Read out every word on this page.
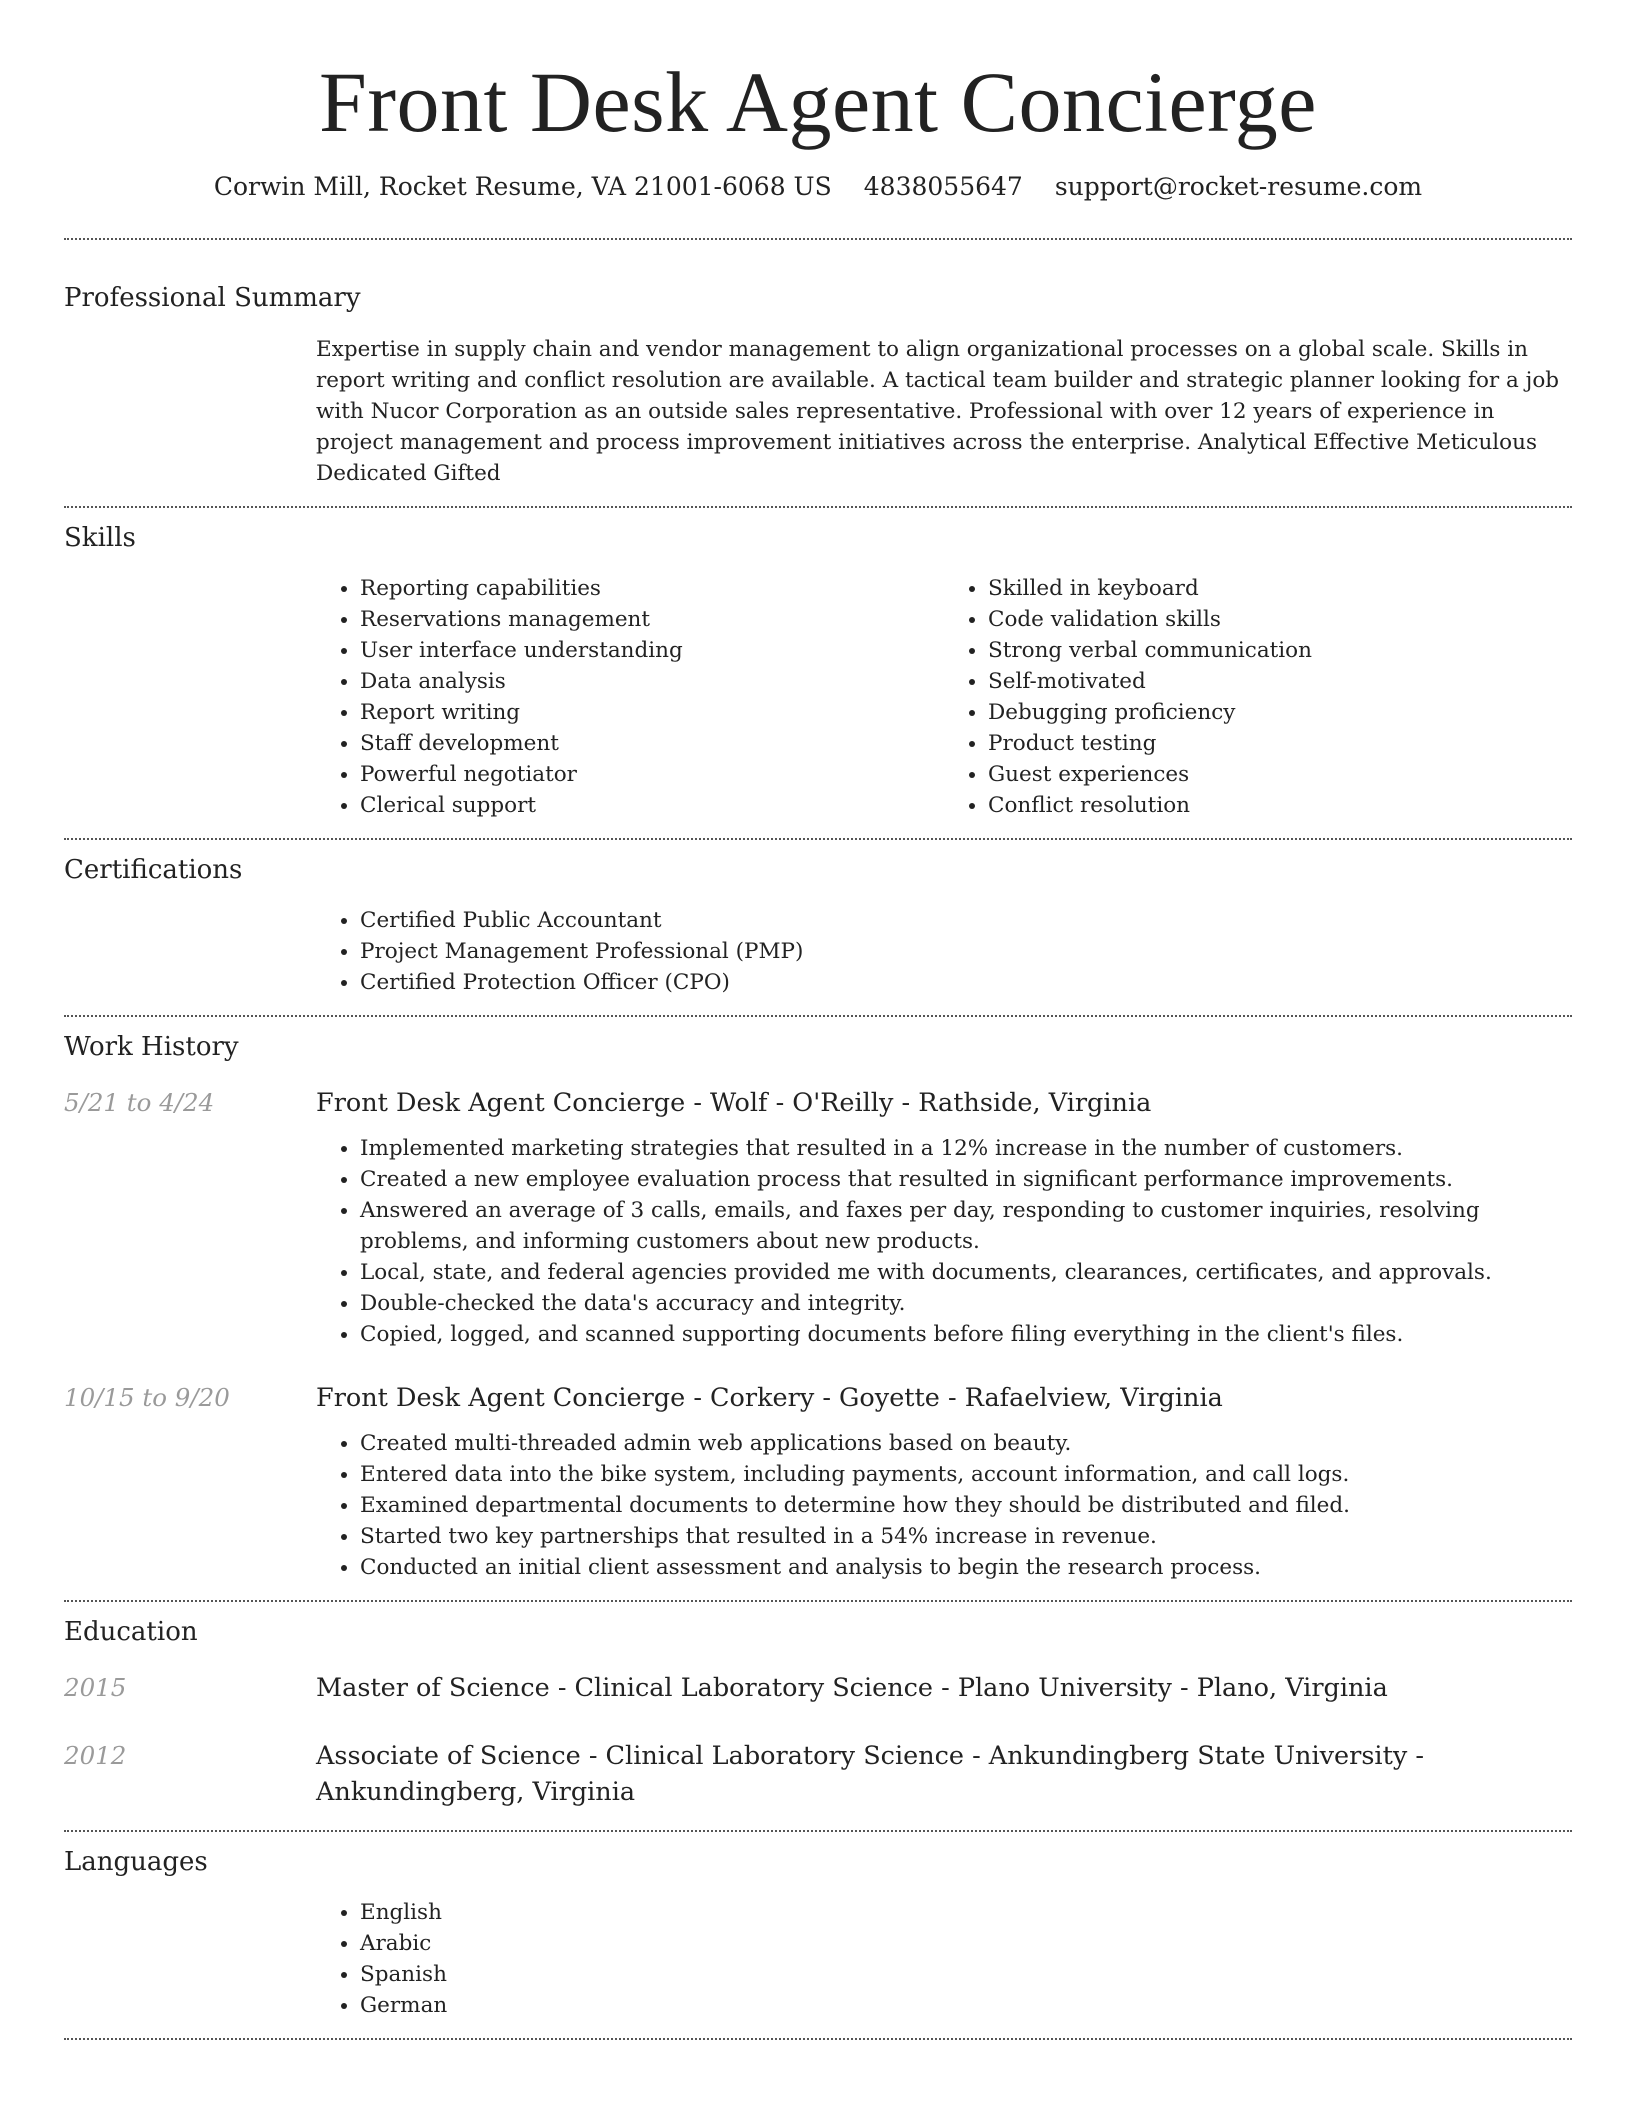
Front Desk Agent Concierge
Corwin Mill, Rocket Resume, VA 21001-6068 US 4838055647 support@rocket-resume.com
Professional Summary

Expertise in supply chain and vendor management to align organizational processes on a global scale. Skills in report writing and conflict resolution are available. A tactical team builder and strategic planner looking for a job with Nucor Corporation as an outside sales representative. Professional with over 12 years of experience in project management and process improvement initiatives across the enterprise. Analytical Effective Meticulous Dedicated Gifted

Skills
• Reporting capabilities
• Reservations management
• User interface understanding
• Data analysis
• Report writing
• Staff development
• Powerful negotiator
• Clerical support
• Skilled in keyboard
• Code validation skills
• Strong verbal communication
• Self-motivated
• Debugging proficiency
• Product testing
• Guest experiences
• Conflict resolution
Certifications
• Certified Public Accountant
• Project Management Professional (PMP)
• Certified Protection Officer (CPO)
Work History
5/21 to 4/24	Front Desk Agent Concierge - Wolf - O'Reilly - Rathside, Virginia

• Implemented marketing strategies that resulted in a 12% increase in the number of customers.
• Created a new employee evaluation process that resulted in significant performance improvements.
• Answered an average of 3 calls, emails, and faxes per day, responding to customer inquiries, resolving problems, and informing customers about new products.
• Local, state, and federal agencies provided me with documents, clearances, certificates, and approvals.
• Double-checked the data's accuracy and integrity.
• Copied, logged, and scanned supporting documents before filing everything in the client's files.
10/15 to 9/20	Front Desk Agent Concierge - Corkery - Goyette - Rafaelview, Virginia

• Created multi-threaded admin web applications based on beauty.
• Entered data into the bike system, including payments, account information, and call logs.
• Examined departmental documents to determine how they should be distributed and filed.
• Started two key partnerships that resulted in a 54% increase in revenue.
• Conducted an initial client assessment and analysis to begin the research process.
Education
2015	Master of Science - Clinical Laboratory Science - Plano University - Plano, Virginia

2012	Associate of Science - Clinical Laboratory Science - Ankundingberg State University - Ankundingberg, Virginia

Languages
• English
• Arabic
• Spanish
• German
